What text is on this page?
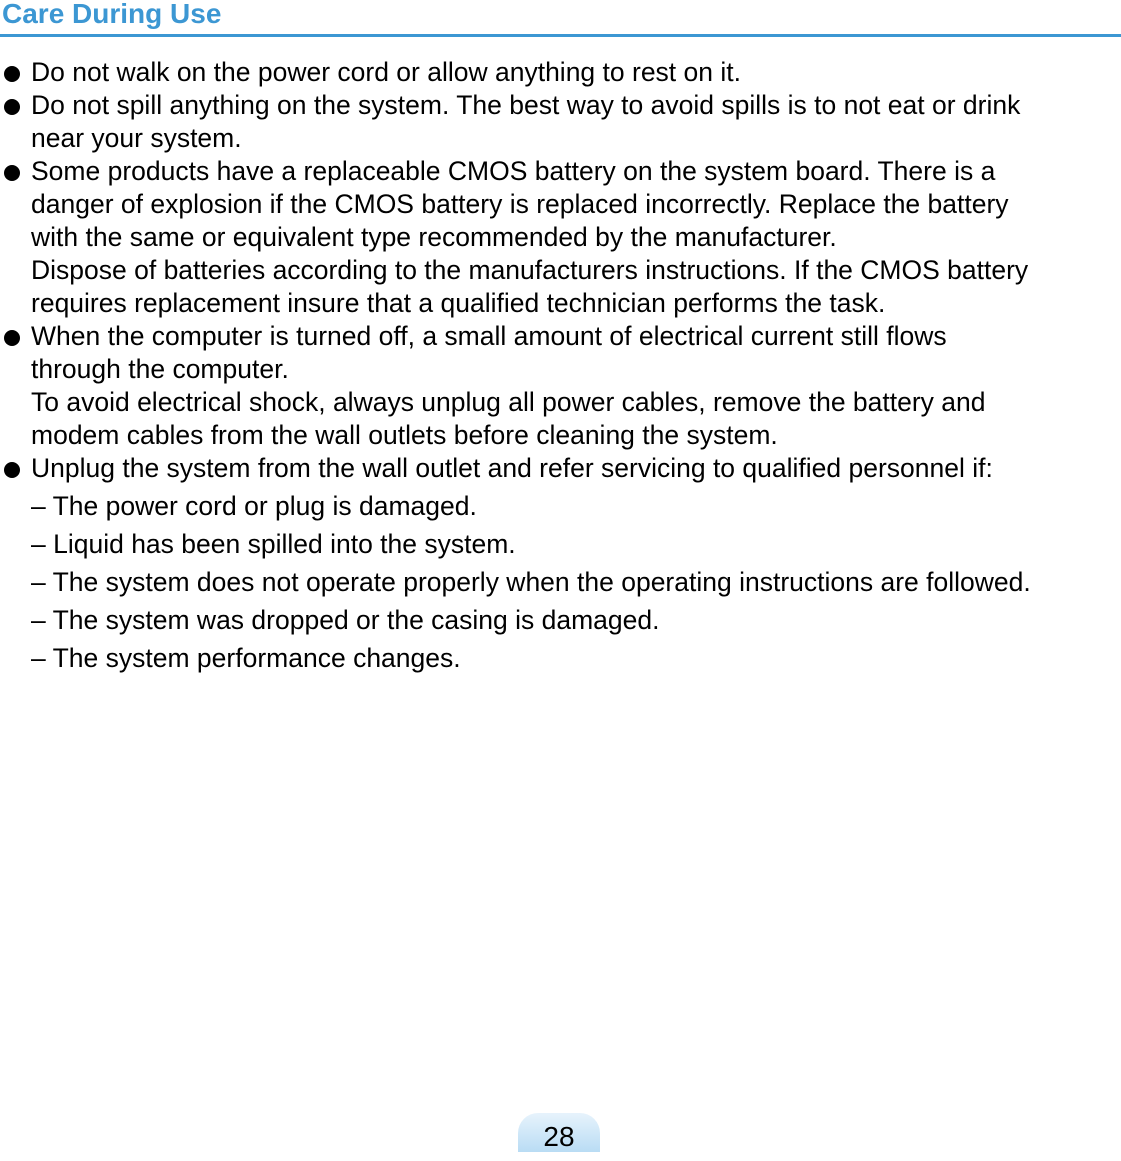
Care During Use
Do not walk on the power cord or allow anything to rest on it.
Do not spill anything on the system. The best way to avoid spills is to not eat or drink
near your system.
Some products have a replaceable CMOS battery on the system board. There is a
danger of explosion if the CMOS battery is replaced incorrectly. Replace the battery
with the same or equivalent type recommended by the manufacturer.
Dispose of batteries according to the manufacturers instructions. If the CMOS battery
requires replacement insure that a qualified technician performs the task.
When the computer is turned off, a small amount of electrical current still flows
through the computer.
To avoid electrical shock, always unplug all power cables, remove the battery and
modem cables from the wall outlets before cleaning the system.
Unplug the system from the wall outlet and refer servicing to qualified personnel if:
– The power cord or plug is damaged.
– Liquid has been spilled into the system.
– The system does not operate properly when the operating instructions are followed.
– The system was dropped or the casing is damaged.
– The system performance changes.
28
